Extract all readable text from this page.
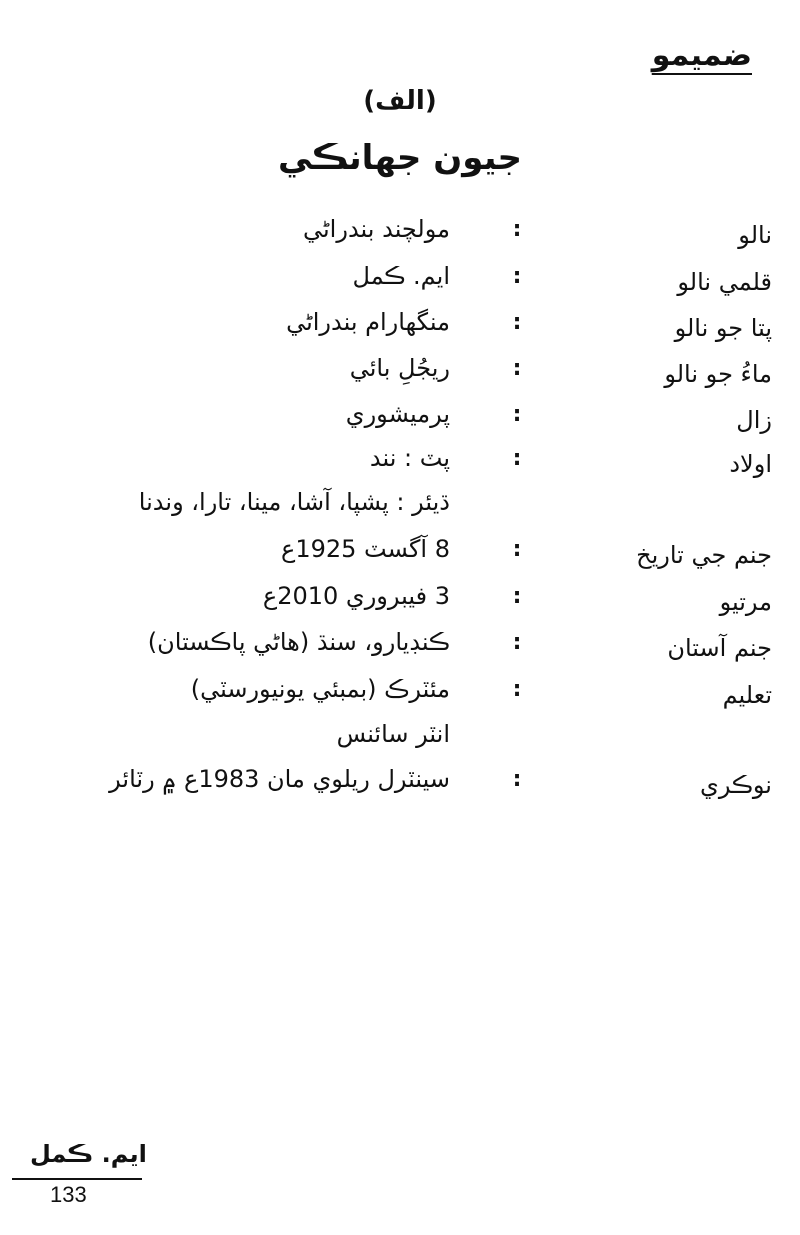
ضميمو
(الف)
جيون جهانڪي
نالو
:
مولچند بندراڻي
قلمي نالو
:
ايم. ڪمل
پتا جو نالو
:
منگهارام بندراڻي
ماءُ جو نالو
:
ريجُلِ بائي
زال
:
پرميشوري
اولاد
:
پٽ : نند
ڌيئر : پشپا، آشا، مينا، تارا، وندنا
جنم جي تاريخ
:
8 آگسٽ 1925ع
مرتيو
:
3 فيبروري 2010ع
جنم آستان
:
ڪنڊيارو، سنڌ (هاڻي پاڪستان)
تعليم
:
مئٽرڪ (بمبئي يونيورسٽي)
انٽر سائنس
نوڪري
:
سينٽرل ريلوي مان 1983ع ۾ رٽائر
ايم. ڪمل
133
